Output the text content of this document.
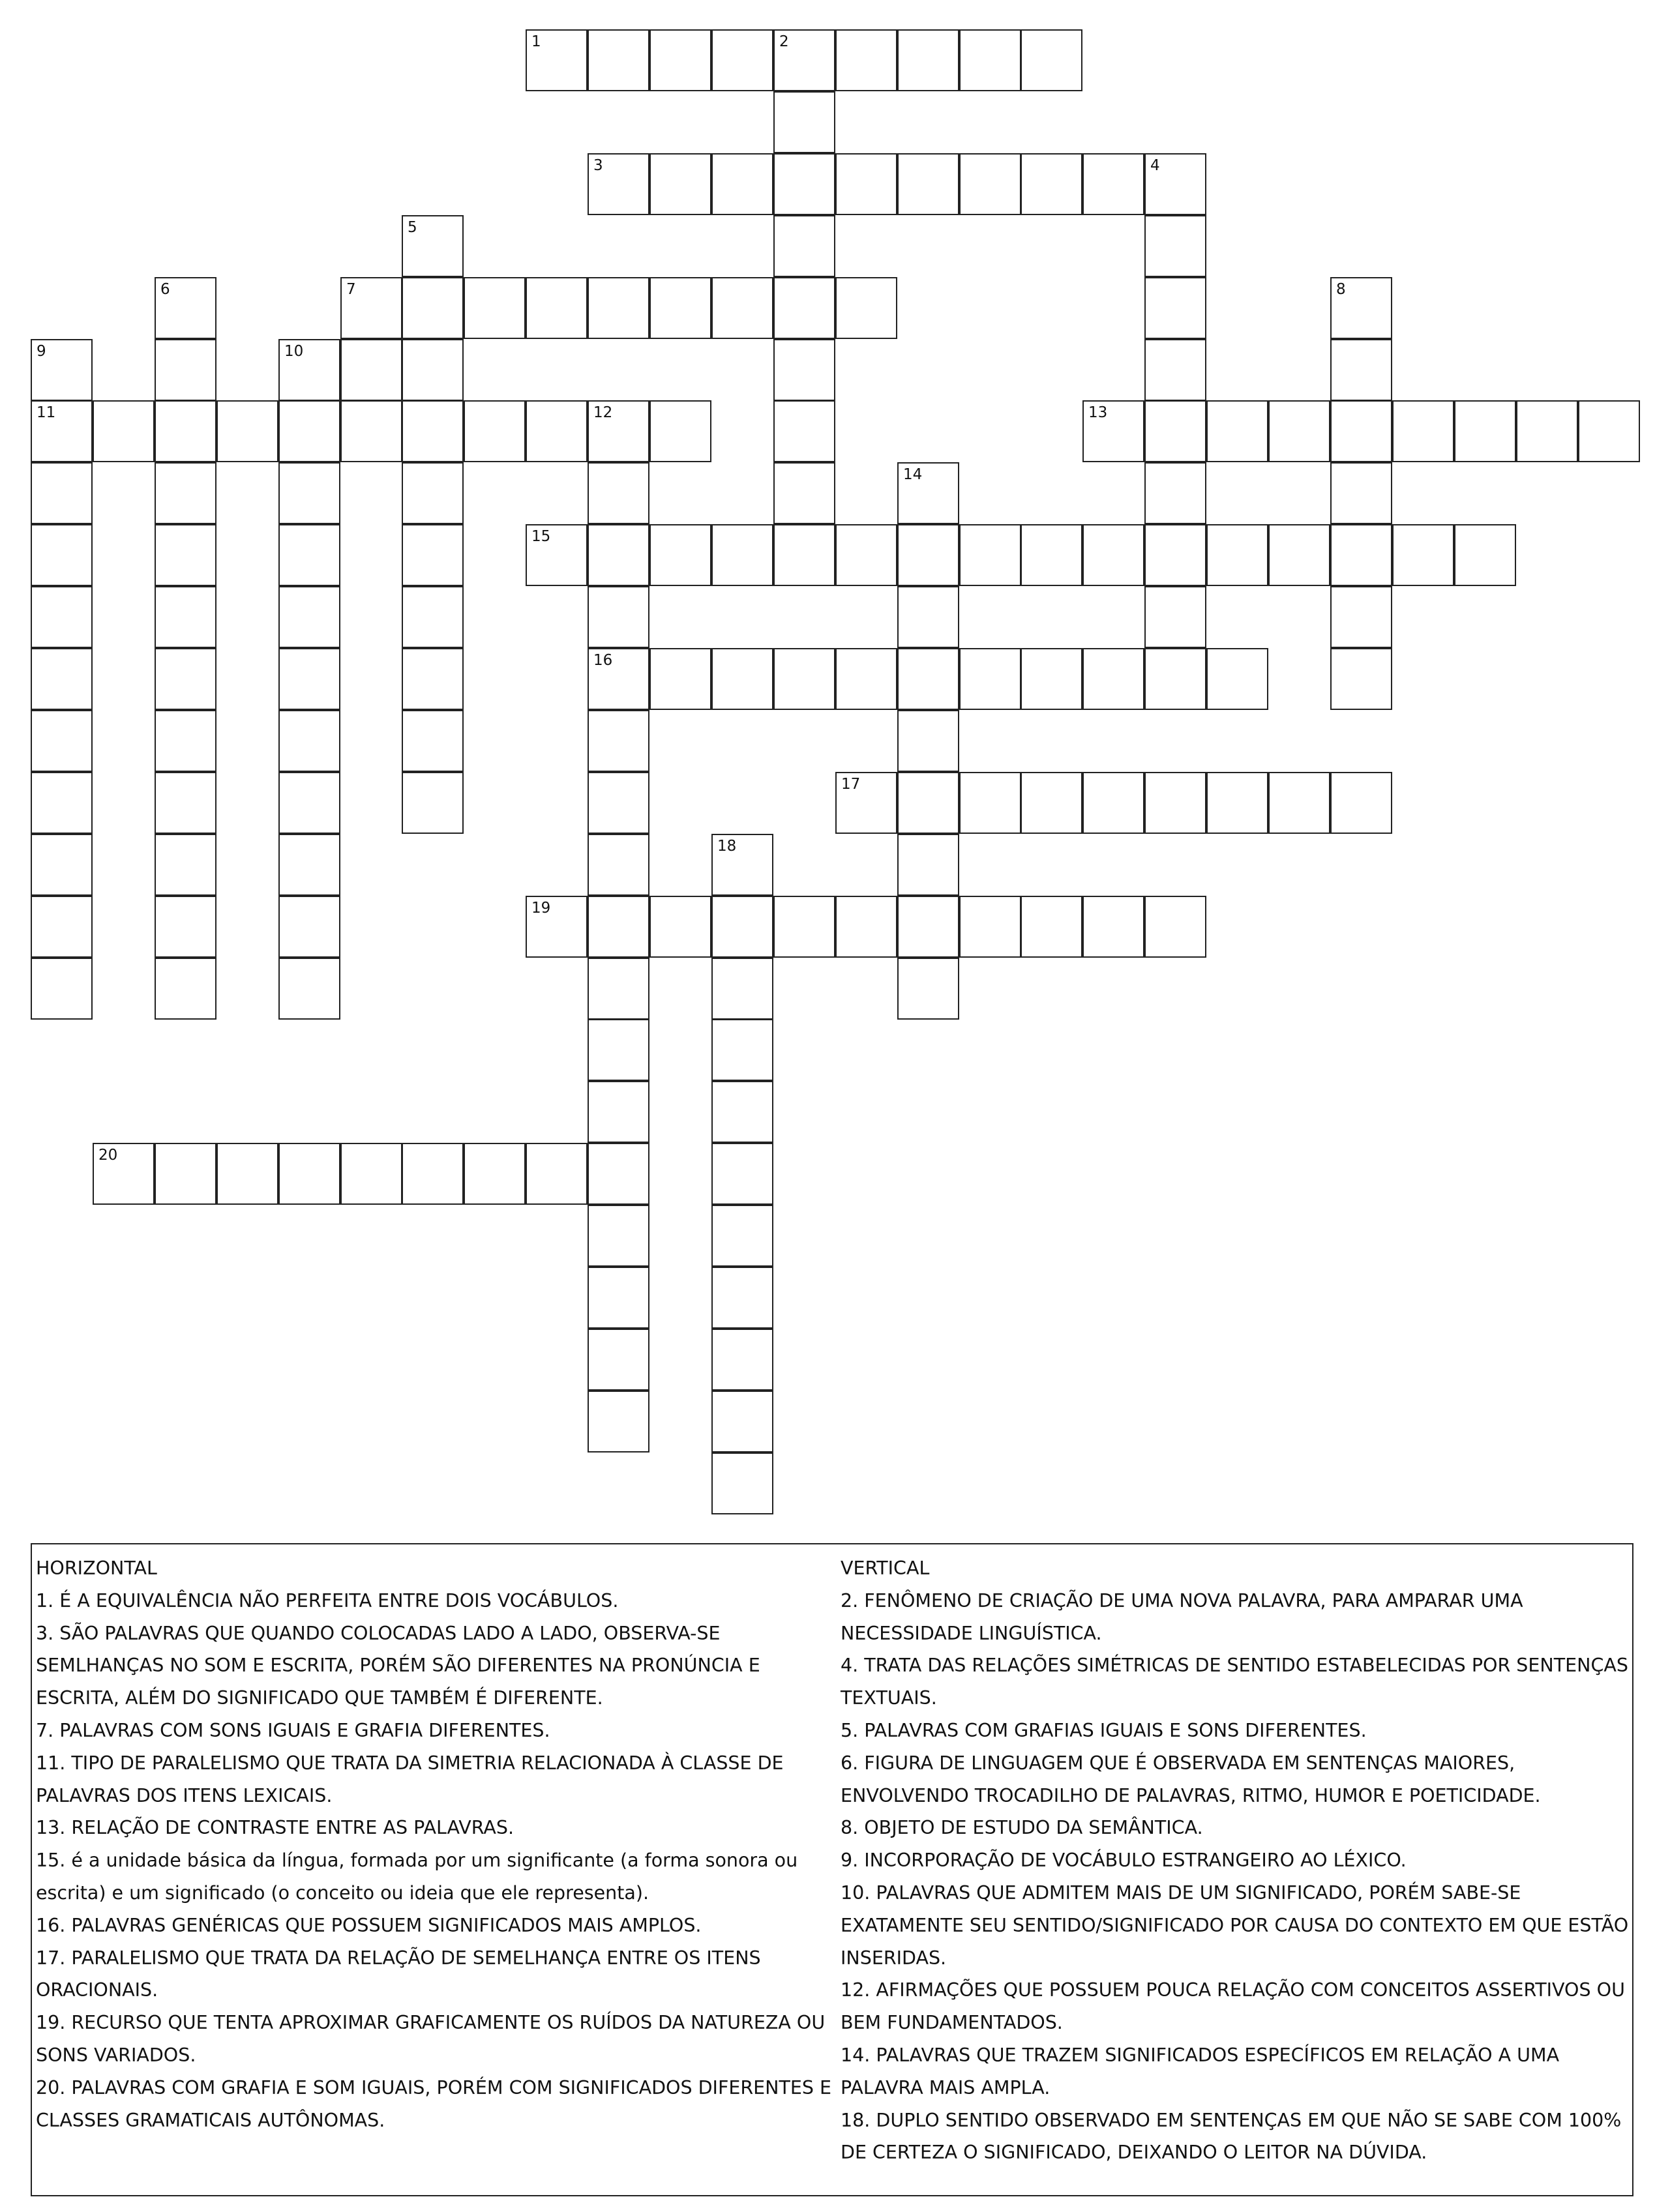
1	2
3	4
7
10
11	12	13
15
16
17
19
20
5
6	8
9
14
18

HORIZONTAL

1. É A EQUIVALÊNCIA NÃO PERFEITA ENTRE DOIS VOCÁBULOS.

3. SÃO PALAVRAS QUE QUANDO COLOCADAS LADO A LADO, OBSERVA-SE SEMLHANÇAS NO SOM E ESCRITA, PORÉM SÃO DIFERENTES NA PRONÚNCIA E ESCRITA, ALÉM DO SIGNIFICADO QUE TAMBÉM É DIFERENTE.

7. PALAVRAS COM SONS IGUAIS E GRAFIA DIFERENTES.

11. TIPO DE PARALELISMO QUE TRATA DA SIMETRIA RELACIONADA À CLASSE DE PALAVRAS DOS ITENS LEXICAIS.

13. RELAÇÃO DE CONTRASTE ENTRE AS PALAVRAS.

15. é a unidade básica da língua, formada por um significante (a forma sonora ou escrita) e um significado (o conceito ou ideia que ele representa).

16. PALAVRAS GENÉRICAS QUE POSSUEM SIGNIFICADOS MAIS AMPLOS.

17. PARALELISMO QUE TRATA DA RELAÇÃO DE SEMELHANÇA ENTRE OS ITENS ORACIONAIS.

19. RECURSO QUE TENTA APROXIMAR GRAFICAMENTE OS RUÍDOS DA NATUREZA OU SONS VARIADOS.

20. PALAVRAS COM GRAFIA E SOM IGUAIS, PORÉM COM SIGNIFICADOS DIFERENTES E CLASSES GRAMATICAIS AUTÔNOMAS.

VERTICAL

2. FENÔMENO DE CRIAÇÃO DE UMA NOVA PALAVRA, PARA AMPARAR UMA NECESSIDADE LINGUÍSTICA.

4. TRATA DAS RELAÇÕES SIMÉTRICAS DE SENTIDO ESTABELECIDAS POR SENTENÇAS TEXTUAIS.

5. PALAVRAS COM GRAFIAS IGUAIS E SONS DIFERENTES.

6. FIGURA DE LINGUAGEM QUE É OBSERVADA EM SENTENÇAS MAIORES, ENVOLVENDO TROCADILHO DE PALAVRAS, RITMO, HUMOR E POETICIDADE.

8. OBJETO DE ESTUDO DA SEMÂNTICA.

9. INCORPORAÇÃO DE VOCÁBULO ESTRANGEIRO AO LÉXICO.

10. PALAVRAS QUE ADMITEM MAIS DE UM SIGNIFICADO, PORÉM SABE-SE EXATAMENTE SEU SENTIDO/SIGNIFICADO POR CAUSA DO CONTEXTO EM QUE ESTÃO INSERIDAS.

12. AFIRMAÇÕES QUE POSSUEM POUCA RELAÇÃO COM CONCEITOS ASSERTIVOS OU BEM FUNDAMENTADOS.

14. PALAVRAS QUE TRAZEM SIGNIFICADOS ESPECÍFICOS EM RELAÇÃO A UMA PALAVRA MAIS AMPLA.

18. DUPLO SENTIDO OBSERVADO EM SENTENÇAS EM QUE NÃO SE SABE COM 100% DE CERTEZA O SIGNIFICADO, DEIXANDO O LEITOR NA DÚVIDA.
